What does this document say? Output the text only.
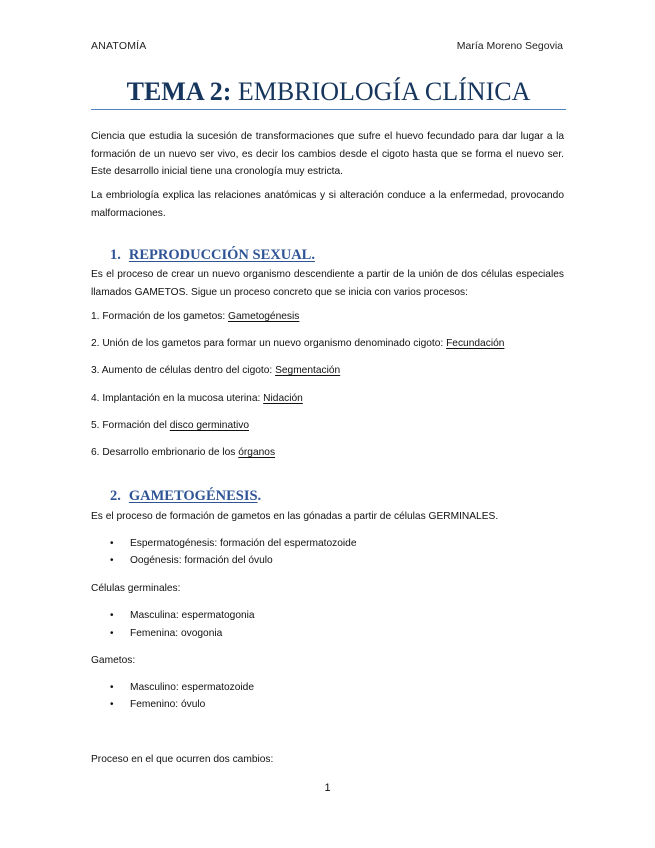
ANATOMÍA	María Moreno Segovia
TEMA 2: EMBRIOLOGÍA CLÍNICA
Ciencia que estudia la sucesión de transformaciones que sufre el huevo fecundado para dar lugar a la formación de un nuevo ser vivo, es decir los cambios desde el cigoto hasta que se forma el nuevo ser. Este desarrollo inicial tiene una cronología muy estricta.
La embriología explica las relaciones anatómicas y si alteración conduce a la enfermedad, provocando malformaciones.
1. REPRODUCCIÓN SEXUAL.
Es el proceso de crear un nuevo organismo descendiente a partir de la unión de dos células especiales llamados GAMETOS. Sigue un proceso concreto que se inicia con varios procesos:
1. Formación de los gametos: Gametogénesis
2. Unión de los gametos para formar un nuevo organismo denominado cigoto: Fecundación
3. Aumento de células dentro del cigoto: Segmentación
4. Implantación en la mucosa uterina: Nidación
5. Formación del disco germinativo
6. Desarrollo embrionario de los órganos
2. GAMETOGÉNESIS.
Es el proceso de formación de gametos en las gónadas a partir de células GERMINALES.
• Espermatogénesis: formación del espermatozoide
• Oogénesis: formación del óvulo
Células germinales:
• Masculina: espermatogonia
• Femenina: ovogonia
Gametos:
• Masculino: espermatozoide
• Femenino: óvulo
Proceso en el que ocurren dos cambios:
1
